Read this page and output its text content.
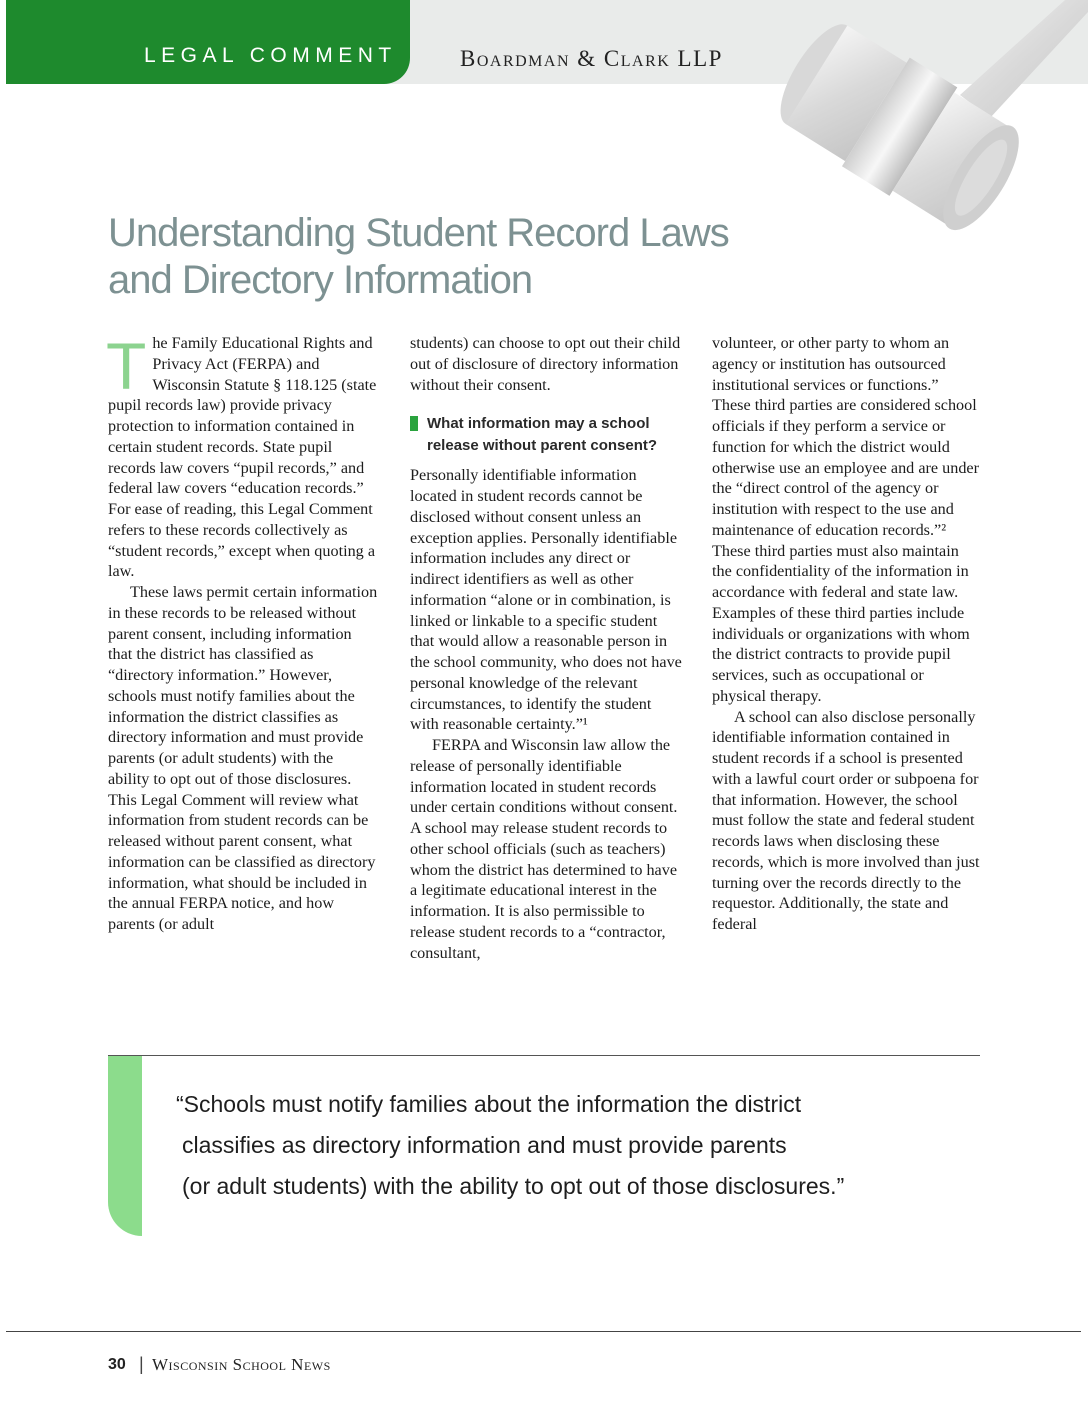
LEGAL COMMENT	Boardman & Clark LLP
Understanding Student Record Laws
and Directory Information

The Family Educational Rights and Privacy Act (FERPA) and Wisconsin Statute § 118.125 (state pupil records law) provide privacy protection to information contained in certain student records. State pupil records law covers “pupil records,” and federal law covers “education records.” For ease of reading, this Legal Comment refers to these records collectively as “student records,” except when quoting a law.

These laws permit certain information in these records to be released without parent consent, including information that the district has classified as “directory information.” However, schools must notify families about the information the district classifies as directory information and must provide parents (or adult students) with the ability to opt out of those disclosures. This Legal Comment will review what information from student records can be released without parent consent, what information can be classified as directory information, what should be included in the annual FERPA notice, and how parents (or adult

students) can choose to opt out their child out of disclosure of directory information without their consent.

What information may a school release without parent consent?

Personally identifiable information located in student records cannot be disclosed without consent unless an exception applies. Personally identifiable information includes any direct or indirect identifiers as well as other information “alone or in combination, is linked or linkable to a specific student that would allow a reasonable person in the school community, who does not have personal knowledge of the relevant circumstances, to identify the student with reasonable certainty.”¹

FERPA and Wisconsin law allow the release of personally identifiable information located in student records under certain conditions without consent. A school may release student records to other school officials (such as teachers) whom the district has determined to have a legitimate educational interest in the information. It is also permissible to release student records to a “contractor, consultant,

volunteer, or other party to whom an agency or institution has outsourced institutional services or functions.” These third parties are considered school officials if they perform a service or function for which the district would otherwise use an employee and are under the “direct control of the agency or institution with respect to the use and maintenance of education records.”² These third parties must also maintain the confidentiality of the information in accordance with federal and state law. Examples of these third parties include individuals or organizations with whom the district contracts to provide pupil services, such as occupational or physical therapy.

A school can also disclose personally identifiable information contained in student records if a school is presented with a lawful court order or subpoena for that information. However, the school must follow the state and federal student records laws when disclosing these records, which is more involved than just turning over the records directly to the requestor. Additionally, the state and federal

“Schools must notify families about the information the district
classifies as directory information and must provide parents
(or adult students) with the ability to opt out of those disclosures.”
30 | Wisconsin School News
